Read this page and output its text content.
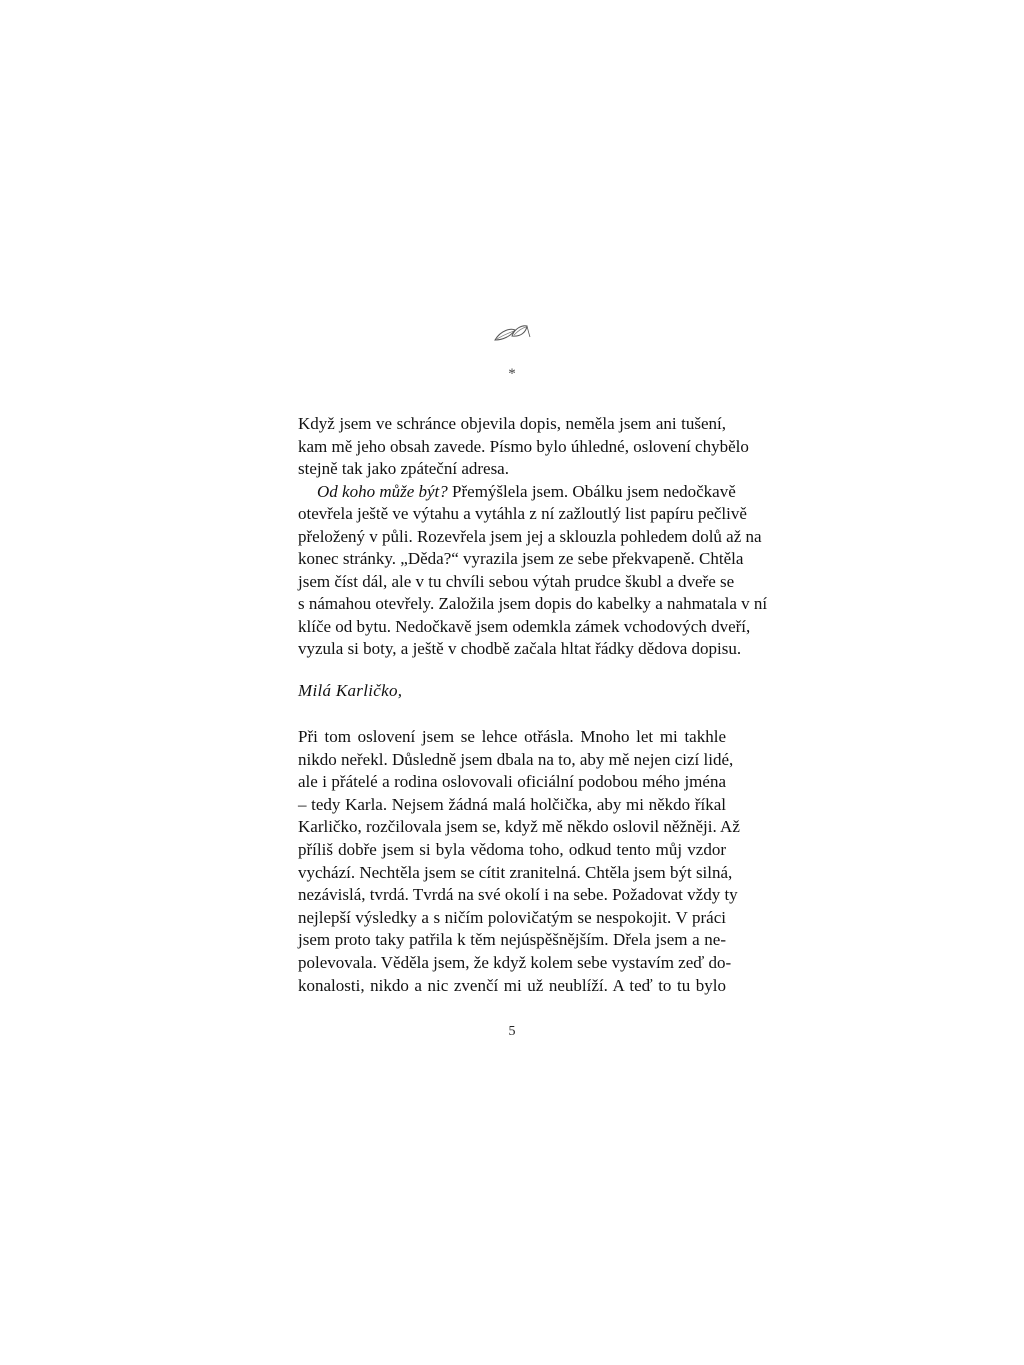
*
Když jsem ve schránce objevila dopis, neměla jsem ani tušení,
kam mě jeho obsah zavede. Písmo bylo úhledné, oslovení chybělo
stejně tak jako zpáteční adresa.
Od koho může být? Přemýšlela jsem. Obálku jsem nedočkavě
otevřela ještě ve výtahu a vytáhla z ní zažloutlý list papíru pečlivě
přeložený v půli. Rozevřela jsem jej a sklouzla pohledem dolů až na
konec stránky. „Děda?“ vyrazila jsem ze sebe překvapeně. Chtěla
jsem číst dál, ale v tu chvíli sebou výtah prudce škubl a dveře se
s námahou otevřely. Založila jsem dopis do kabelky a nahmatala v ní
klíče od bytu. Nedočkavě jsem odemkla zámek vchodových dveří,
vyzula si boty, a ještě v chodbě začala hltat řádky dědova dopisu.
Milá Karličko,
Při tom oslovení jsem se lehce otřásla. Mnoho let mi takhle
nikdo neřekl. Důsledně jsem dbala na to, aby mě nejen cizí lidé,
ale i přátelé a rodina oslovovali oficiální podobou mého jména
– tedy Karla. Nejsem žádná malá holčička, aby mi někdo říkal
Karličko, rozčilovala jsem se, když mě někdo oslovil něžněji. Až
příliš dobře jsem si byla vědoma toho, odkud tento můj vzdor
vychází. Nechtěla jsem se cítit zranitelná. Chtěla jsem být silná,
nezávislá, tvrdá. Tvrdá na své okolí i na sebe. Požadovat vždy ty
nejlepší výsledky a s ničím polovičatým se nespokojit. V práci
jsem proto taky patřila k těm nejúspěšnějším. Dřela jsem a ne-
polevovala. Věděla jsem, že když kolem sebe vystavím zeď do-
konalosti, nikdo a nic zvenčí mi už neublíží. A teď to tu bylo
5
